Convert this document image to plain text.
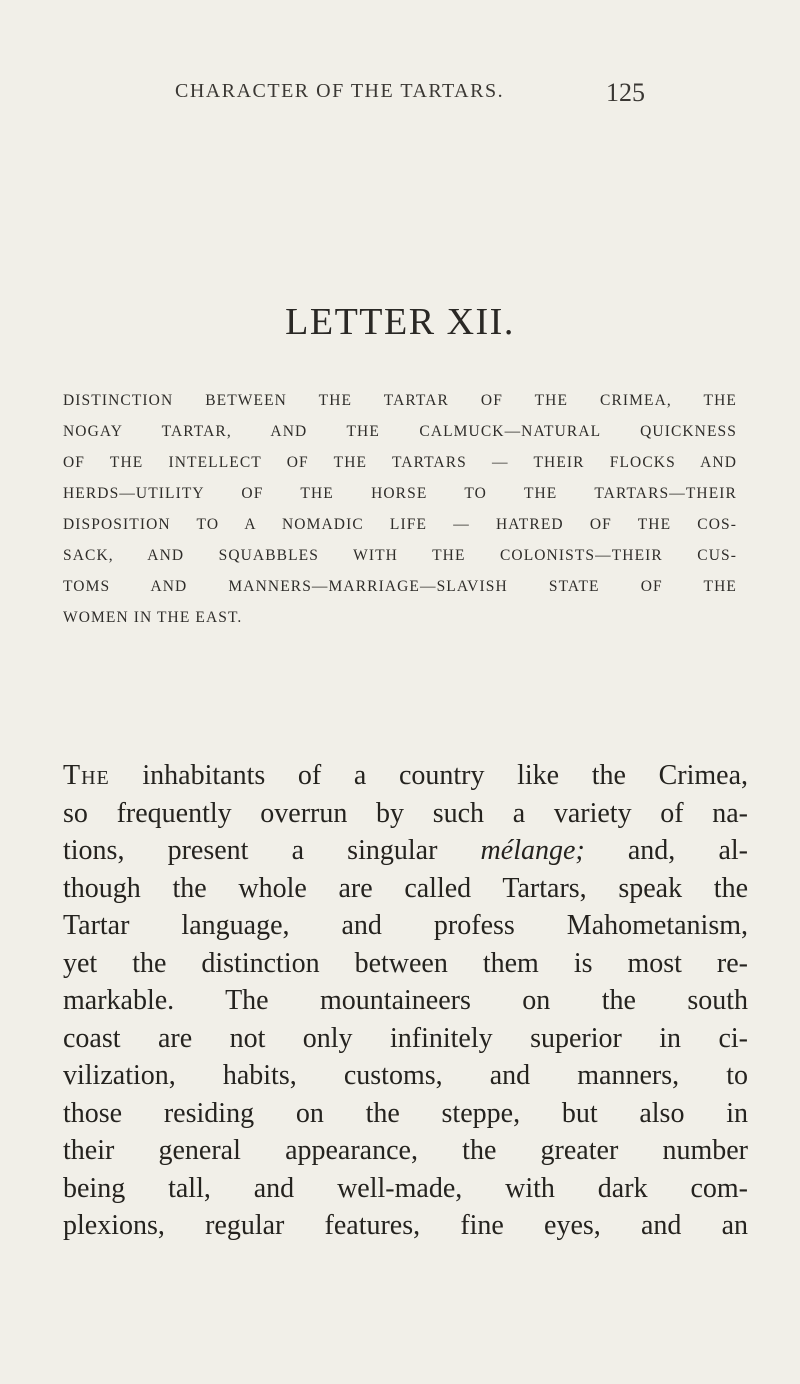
CHARACTER OF THE TARTARS.	125
LETTER XII.
DISTINCTION BETWEEN THE TARTAR OF THE CRIMEA, THE
NOGAY TARTAR, AND THE CALMUCK—NATURAL QUICKNESS
OF THE INTELLECT OF THE TARTARS — THEIR FLOCKS AND
HERDS—UTILITY OF THE HORSE TO THE TARTARS—THEIR
DISPOSITION TO A NOMADIC LIFE — HATRED OF THE COS-
SACK, AND SQUABBLES WITH THE COLONISTS—THEIR CUS-
TOMS AND MANNERS—MARRIAGE—SLAVISH STATE OF THE
WOMEN IN THE EAST.
The inhabitants of a country like the Crimea,
so frequently overrun by such a variety of na-
tions, present a singular mélange; and, al-
though the whole are called Tartars, speak the
Tartar language, and profess Mahometanism,
yet the distinction between them is most re-
markable. The mountaineers on the south
coast are not only infinitely superior in ci-
vilization, habits, customs, and manners, to
those residing on the steppe, but also in
their general appearance, the greater number
being tall, and well-made, with dark com-
plexions, regular features, fine eyes, and an
